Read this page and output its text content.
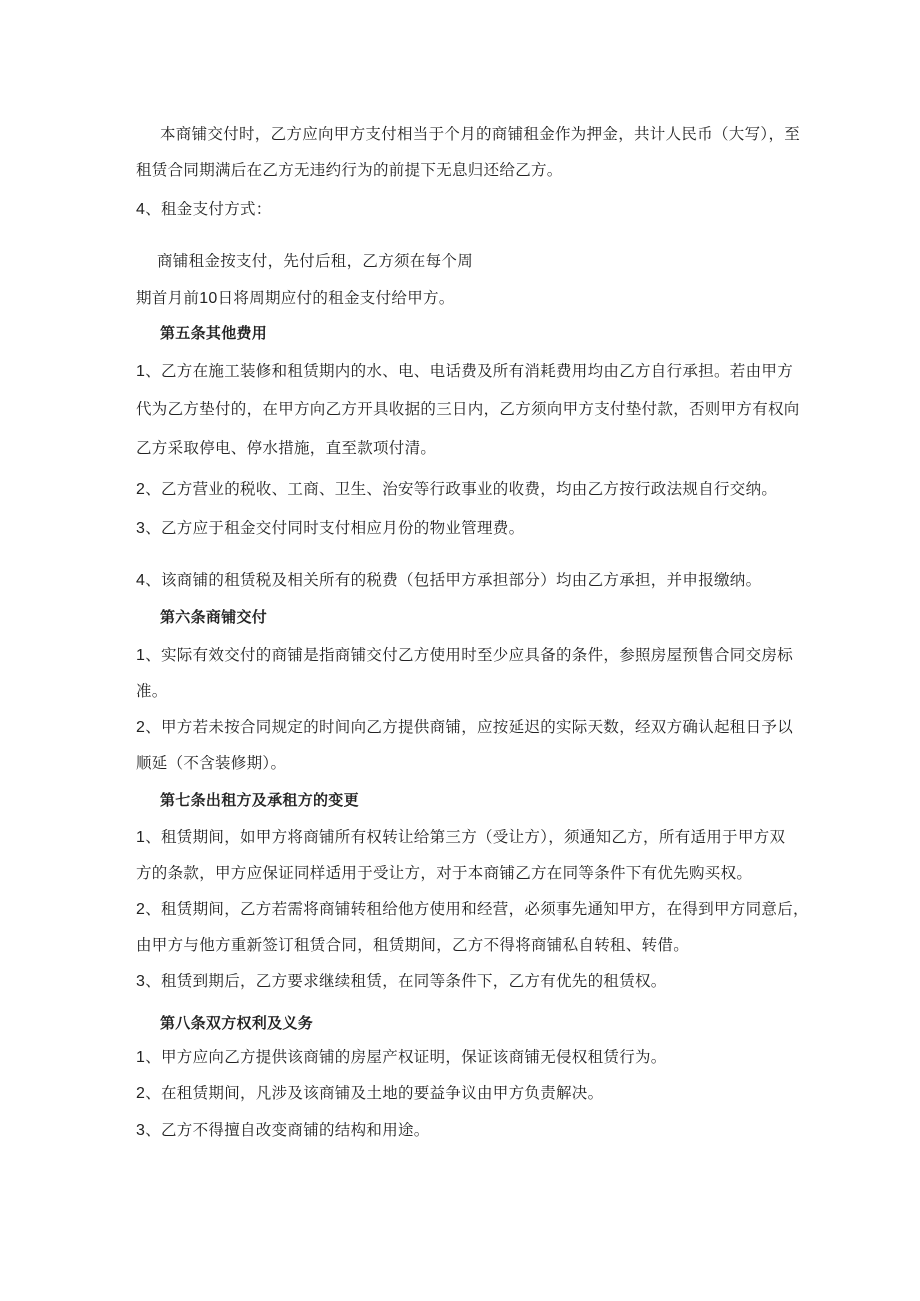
本商铺交付时，乙方应向甲方支付相当于个月的商铺租金作为押金，共计人民币（大写），至
租赁合同期满后在乙方无违约行为的前提下无息归还给乙方。
4、租金支付方式：
商铺租金按支付，先付后租，乙方须在每个周
期首月前10日将周期应付的租金支付给甲方。
第五条其他费用
1、乙方在施工装修和租赁期内的水、电、电话费及所有消耗费用均由乙方自行承担。若由甲方
代为乙方垫付的，在甲方向乙方开具收据的三日内，乙方须向甲方支付垫付款，否则甲方有权向
乙方采取停电、停水措施，直至款项付清。
2、乙方营业的税收、工商、卫生、治安等行政事业的收费，均由乙方按行政法规自行交纳。
3、乙方应于租金交付同时支付相应月份的物业管理费。
4、该商铺的租赁税及相关所有的税费（包括甲方承担部分）均由乙方承担，并申报缴纳。
第六条商铺交付
1、实际有效交付的商铺是指商铺交付乙方使用时至少应具备的条件，参照房屋预售合同交房标
准。
2、甲方若未按合同规定的时间向乙方提供商铺，应按延迟的实际天数，经双方确认起租日予以
顺延（不含装修期）。
第七条出租方及承租方的变更
1、租赁期间，如甲方将商铺所有权转让给第三方（受让方），须通知乙方，所有适用于甲方双
方的条款，甲方应保证同样适用于受让方，对于本商铺乙方在同等条件下有优先购买权。
2、租赁期间，乙方若需将商铺转租给他方使用和经营，必须事先通知甲方，在得到甲方同意后，
由甲方与他方重新签订租赁合同，租赁期间，乙方不得将商铺私自转租、转借。
3、租赁到期后，乙方要求继续租赁，在同等条件下，乙方有优先的租赁权。
第八条双方权利及义务
1、甲方应向乙方提供该商铺的房屋产权证明，保证该商铺无侵权租赁行为。
2、在租赁期间，凡涉及该商铺及土地的要益争议由甲方负责解决。
3、乙方不得擅自改变商铺的结构和用途。
